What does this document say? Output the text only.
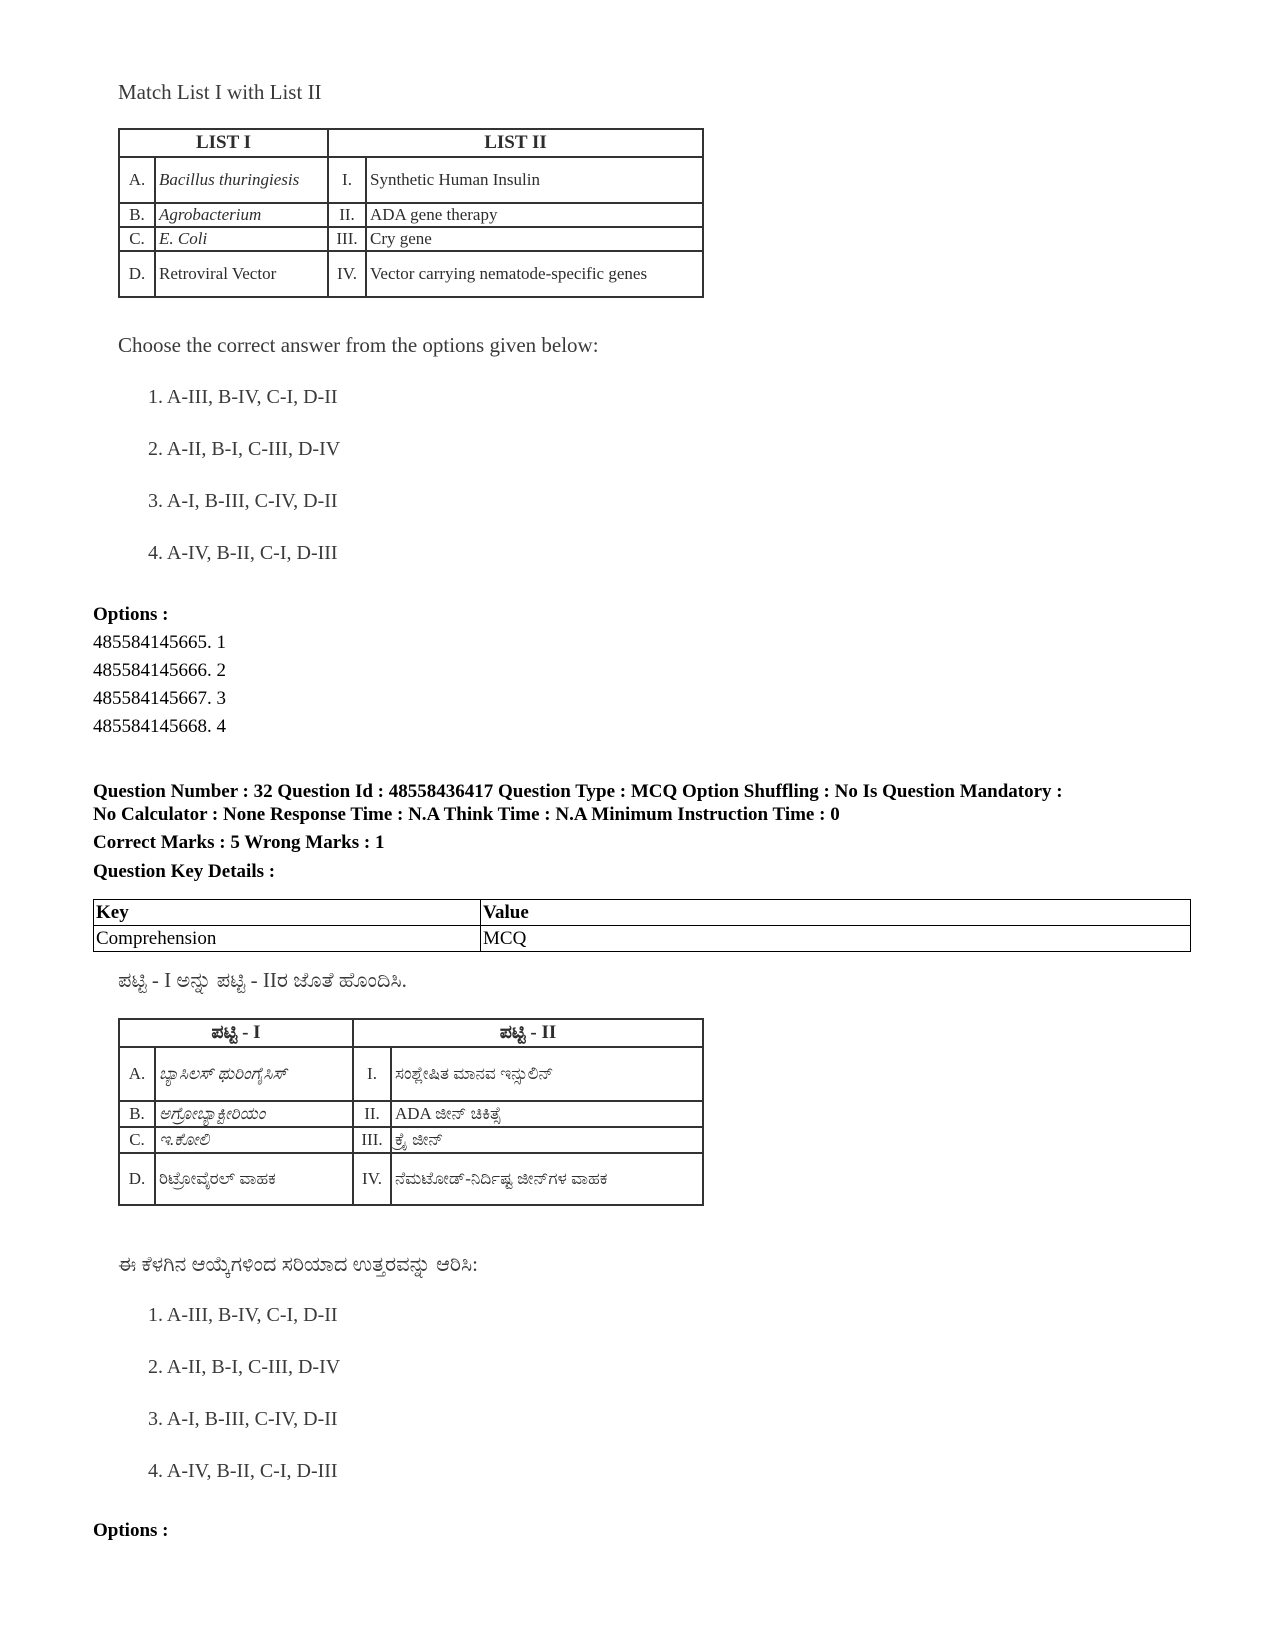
Match List I with List II
LIST I		LIST II	
A.	Bacillus thuringiesis	I.	Synthetic Human Insulin
B.	Agrobacterium	II.	ADA gene therapy
C.	E. Coli	III.	Cry gene
D.	Retroviral Vector	IV.	Vector carrying nematode-specific genes
Choose the correct answer from the options given below:
1. A-III, B-IV, C-I, D-II
2. A-II, B-I, C-III, D-IV
3. A-I, B-III, C-IV, D-II
4. A-IV, B-II, C-I, D-III
Options :
485584145665. 1
485584145666. 2
485584145667. 3
485584145668. 4
Question Number : 32 Question Id : 48558436417 Question Type : MCQ Option Shuffling : No Is Question Mandatory :
No Calculator : None Response Time : N.A Think Time : N.A Minimum Instruction Time : 0
Correct Marks : 5 Wrong Marks : 1
Question Key Details :
Key	Value
Comprehension	MCQ
ಪಟ್ಟಿ - I ಅನ್ನು ಪಟ್ಟಿ - IIರ ಜೊತೆ ಹೊಂದಿಸಿ.
ಪಟ್ಟಿ - I		ಪಟ್ಟಿ - II	
A.	ಬ್ಯಾಸಿಲಸ್ ಥುರಿಂಗೈಸಿಸ್	I.	ಸಂಶ್ಲೇಷಿತ ಮಾನವ ಇನ್ಸುಲಿನ್
B.	ಅಗ್ರೋಬ್ಯಾಕ್ಟೀರಿಯಂ	II.	ADA ಜೀನ್ ಚಿಕಿತ್ಸೆ
C.	ಇ.ಕೋಲಿ	III.	ಕ್ರೈ ಜೀನ್
D.	ರಿಟ್ರೋವೈರಲ್ ವಾಹಕ	IV.	ನೆಮಟೋಡ್-ನಿರ್ದಿಷ್ಟ ಜೀನ್‌ಗಳ ವಾಹಕ
ಈ ಕೆಳಗಿನ ಆಯ್ಕೆಗಳಿಂದ ಸರಿಯಾದ ಉತ್ತರವನ್ನು ಆರಿಸಿ:
1. A-III, B-IV, C-I, D-II
2. A-II, B-I, C-III, D-IV
3. A-I, B-III, C-IV, D-II
4. A-IV, B-II, C-I, D-III
Options :
